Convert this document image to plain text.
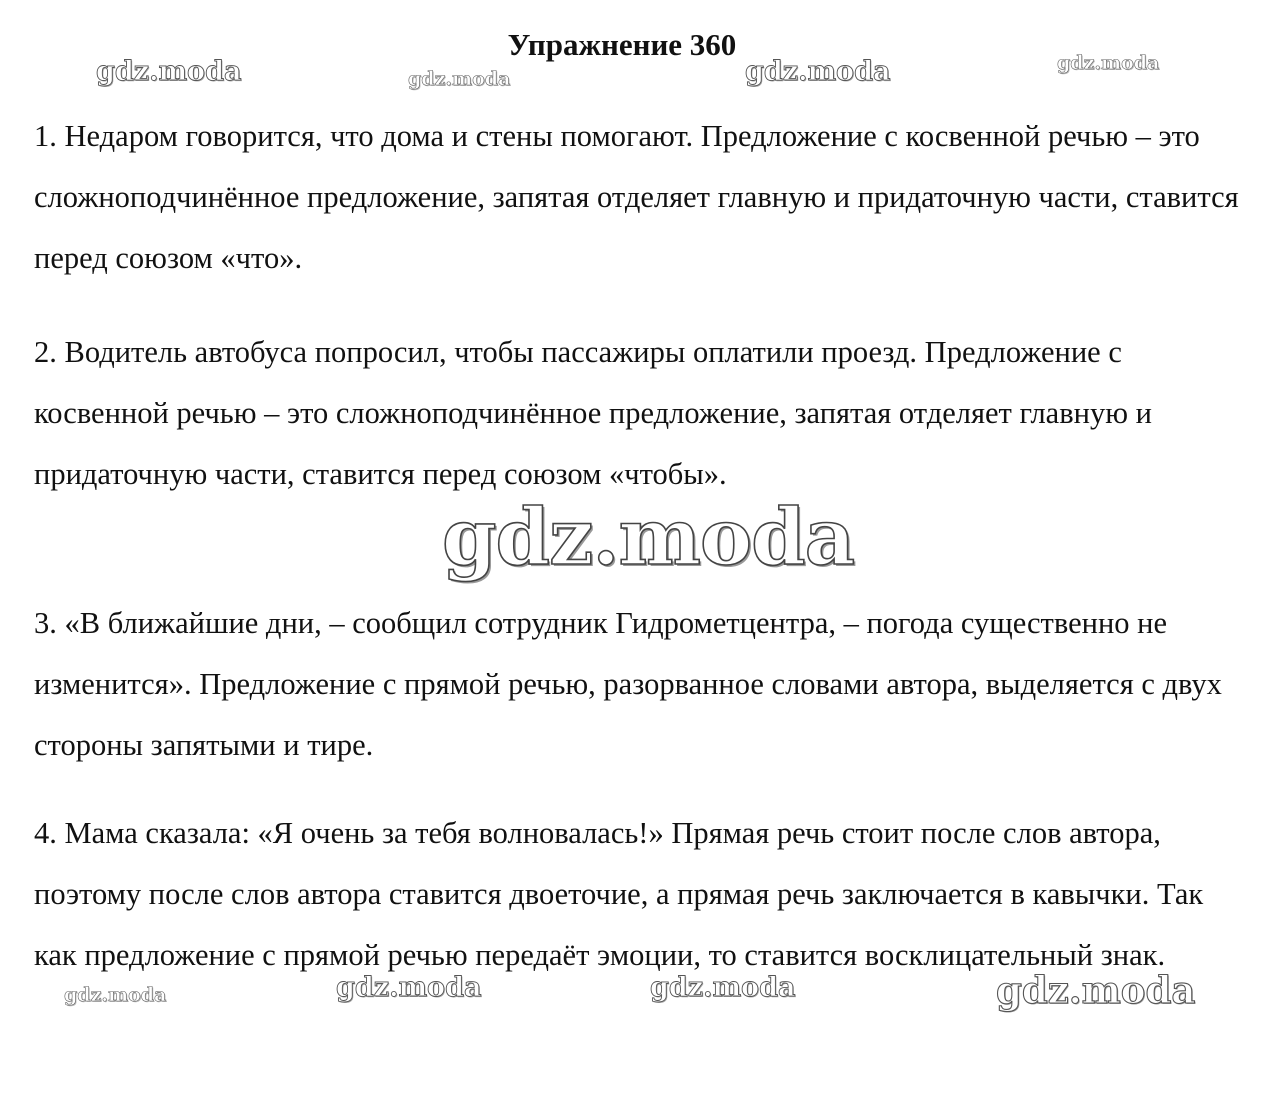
Упражнение 360
1. Недаром говорится, что дома и стены помогают. Предложение с косвенной речью – это сложноподчинённое предложение, запятая отделяет главную и придаточную части, ставится перед союзом «что».
2. Водитель автобуса попросил, чтобы пассажиры оплатили проезд. Предложение с косвенной речью – это сложноподчинённое предложение, запятая отделяет главную и придаточную части, ставится перед союзом «чтобы».
3. «В ближайшие дни, – сообщил сотрудник Гидрометцентра, – погода существенно не изменится». Предложение с прямой речью, разорванное словами автора, выделяется с двух стороны запятыми и тире.
4. Мама сказала: «Я очень за тебя волновалась!» Прямая речь стоит после слов автора, поэтому после слов автора ставится двоеточие, а прямая речь заключается в кавычки. Так как предложение с прямой речью передаёт эмоции, то ставится восклицательный знак.
gdz.moda	gdz.moda	gdz.moda	gdz.moda
gdz.moda
gdz.moda	gdz.moda	gdz.moda	gdz.moda
